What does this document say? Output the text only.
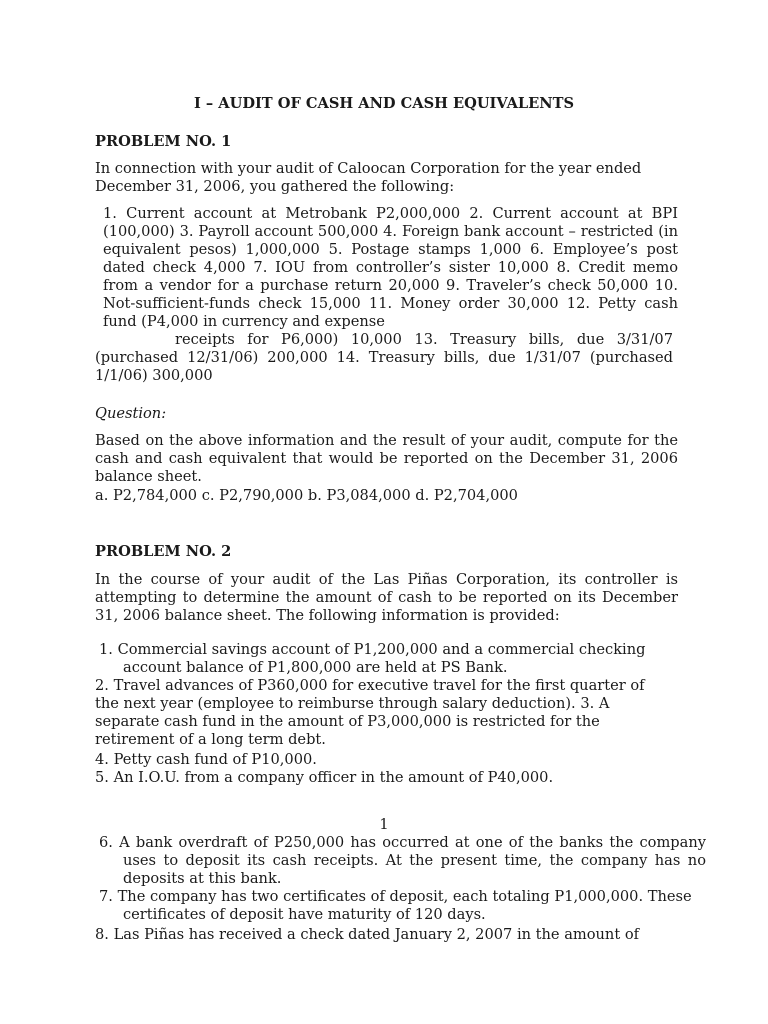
I – AUDIT OF CASH AND CASH EQUIVALENTS

PROBLEM NO. 1

In connection with your audit of Caloocan Corporation for the year ended December 31, 2006, you gathered the following:

1. Current account at Metrobank P2,000,000 2. Current account at BPI (100,000) 3. Payroll account 500,000 4. Foreign bank account – restricted (in equivalent pesos) 1,000,000 5. Postage stamps 1,000 6. Employee’s post dated check 4,000 7. IOU from controller’s sister 10,000 8. Credit memo from a vendor for a purchase return 20,000 9. Traveler’s check 50,000 10. Not-sufficient-funds check 15,000 11. Money order 30,000 12. Petty cash fund (P4,000 in currency and expense

receipts for P6,000) 10,000 13. Treasury bills, due 3/31/07 (purchased 12/31/06) 200,000 14. Treasury bills, due 1/31/07 (purchased 1/1/06) 300,000

Question:

Based on the above information and the result of your audit, compute for the cash and cash equivalent that would be reported on the December 31, 2006 balance sheet.

a. P2,784,000 c. P2,790,000 b. P3,084,000 d. P2,704,000

PROBLEM NO. 2

In the course of your audit of the Las Piñas Corporation, its controller is attempting to determine the amount of cash to be reported on its December 31, 2006 balance sheet. The following information is provided:

1. Commercial savings account of P1,200,000 and a commercial checking account balance of P1,800,000 are held at PS Bank.

2. Travel advances of P360,000 for executive travel for the first quarter of the next year (employee to reimburse through salary deduction). 3. A separate cash fund in the amount of P3,000,000 is restricted for the retirement of a long term debt.

4. Petty cash fund of P10,000.

5. An I.O.U. from a company officer in the amount of P40,000.

1

6. A bank overdraft of P250,000 has occurred at one of the banks the company uses to deposit its cash receipts. At the present time, the company has no deposits at this bank.

7. The company has two certificates of deposit, each totaling P1,000,000. These certificates of deposit have maturity of 120 days.

8. Las Piñas has received a check dated January 2, 2007 in the amount of
